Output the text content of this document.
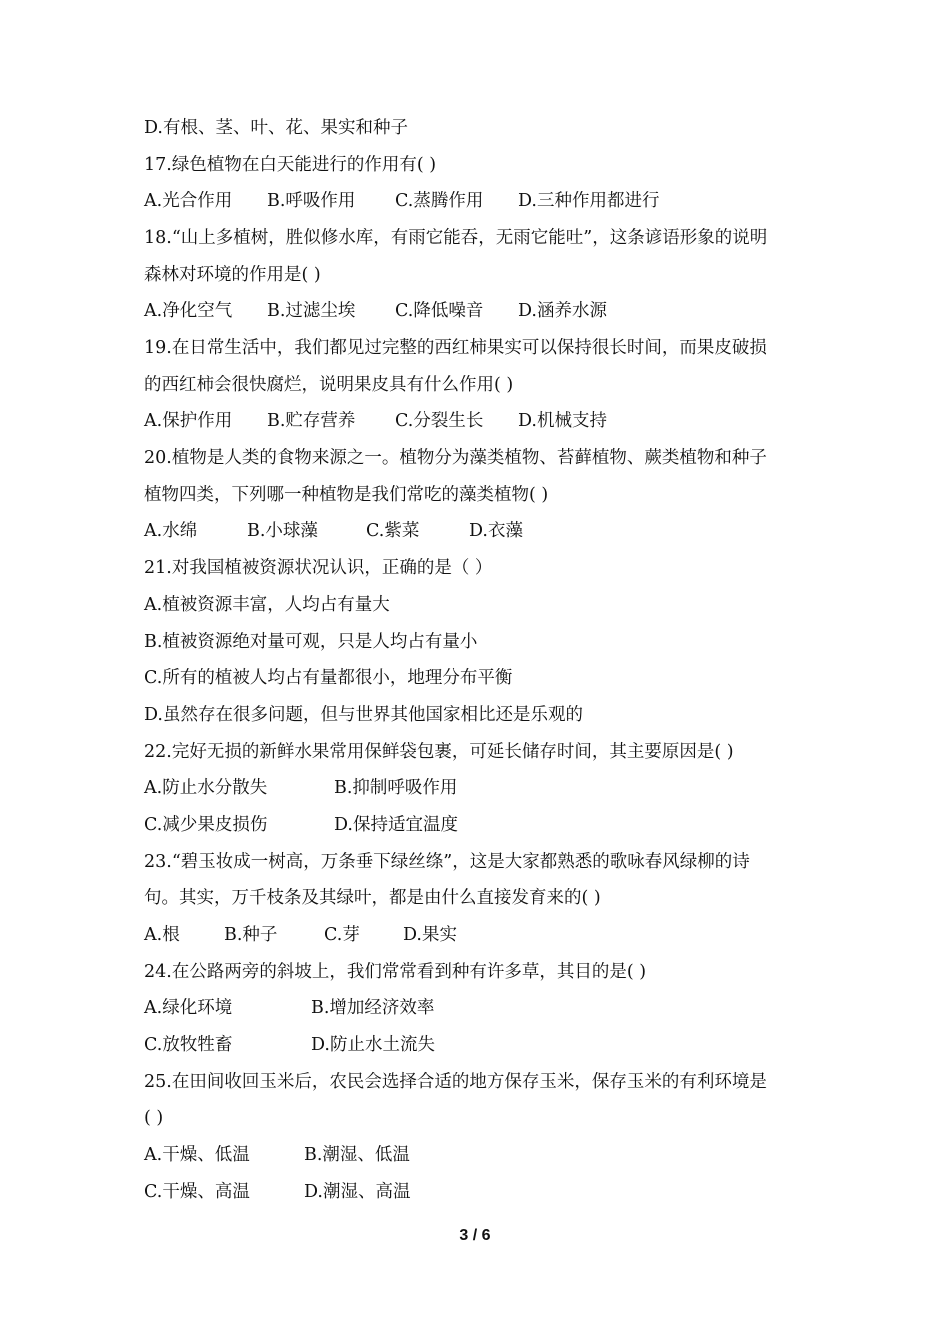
D.有根、茎、叶、花、果实和种子
17.绿色植物在白天能进行的作用有( )
A.光合作用 B.呼吸作用 C.蒸腾作用 D.三种作用都进行
18.“山上多植树，胜似修水库，有雨它能吞，无雨它能吐”，这条谚语形象的说明
森林对环境的作用是( )
A.净化空气 B.过滤尘埃 C.降低噪音 D.涵养水源
19.在日常生活中，我们都见过完整的西红柿果实可以保持很长时间，而果皮破损
的西红柿会很快腐烂，说明果皮具有什么作用( )
A.保护作用 B.贮存营养 C.分裂生长 D.机械支持
20.植物是人类的食物来源之一。植物分为藻类植物、苔藓植物、蕨类植物和种子
植物四类，下列哪一种植物是我们常吃的藻类植物( )
A.水绵	B.小球藻	C.紫菜	D.衣藻
21.对我国植被资源状况认识，正确的是（ ）
A.植被资源丰富，人均占有量大
B.植被资源绝对量可观，只是人均占有量小
C.所有的植被人均占有量都很小，地理分布平衡
D.虽然存在很多问题，但与世界其他国家相比还是乐观的
22.完好无损的新鲜水果常用保鲜袋包裹，可延长储存时间，其主要原因是( )
A.防止水分散失	B.抑制呼吸作用
C.减少果皮损伤	D.保持适宜温度
23.“碧玉妆成一树高，万条垂下绿丝绦”，这是大家都熟悉的歌咏春风绿柳的诗
句。其实，万千枝条及其绿叶，都是由什么直接发育来的( )
A.根	B.种子	C.芽 D.果实
24.在公路两旁的斜坡上，我们常常看到种有许多草，其目的是( )
A.绿化环境	B.增加经济效率
C.放牧牲畜	D.防止水土流失
25.在田间收回玉米后，农民会选择合适的地方保存玉米，保存玉米的有利环境是
( )
A.干燥、低温	B.潮湿、低温
C.干燥、高温	D.潮湿、高温
3 / 6
